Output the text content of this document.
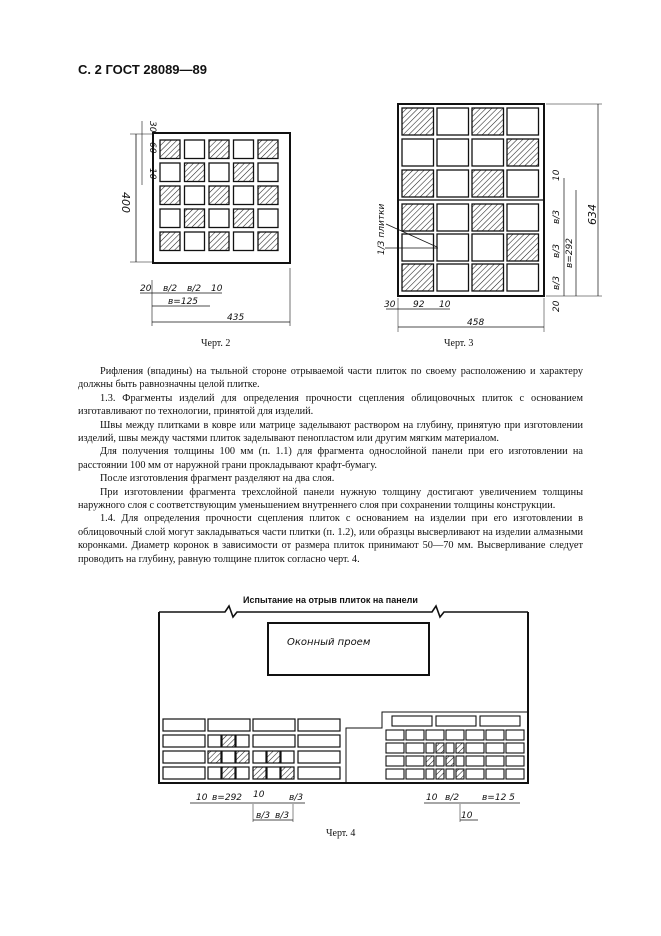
С. 2 ГОСТ 28089—89
30
60
10
400
20 в/2 в/2 10
в=125
435
1/3 плитки
10
в/3
в/3 в=292
в/3
20
634
30 92 10
458
Оконный проем
10 в=292 10	в/3
в/3 в/3
10 в/2	в=12 5
10
Черт. 2	Черт. 3

Рифления (впадины) на тыльной стороне отрываемой части плиток по своему расположению и характеру должны быть равнозначны целой плитке.

1.3. Фрагменты изделий для определения прочности сцепления облицовочных плиток с основанием изготавливают по технологии, принятой для изделий.

Швы между плитками в ковре или матрице заделывают раствором на глубину, принятую при изготовлении изделий, швы между частями плиток заделывают пенопластом или другим мягким материалом.

Для получения толщины 100 мм (п. 1.1) для фрагмента однослойной панели при его изготовлении на расстоянии 100 мм от наружной грани прокладывают крафт-бумагу.

После изготовления фрагмент разделяют на два слоя.

При изготовлении фрагмента трехслойной панели нужную толщину достигают увеличением толщины наружного слоя с соответствующим уменьшением внутреннего слоя при сохранении толщины конструкции.

1.4. Для определения прочности сцепления плиток с основанием на изделии при его изготовлении в облицовочный слой могут закладываться части плитки (п. 1.2), или образцы высверливают на изделии алмазными коронками. Диаметр коронок в зависимости от размера плиток принимают 50—70 мм. Высверливание следует проводить на глубину, равную толщине плиток согласно черт. 4.

Испытание на отрыв плиток на панели
Черт. 4
